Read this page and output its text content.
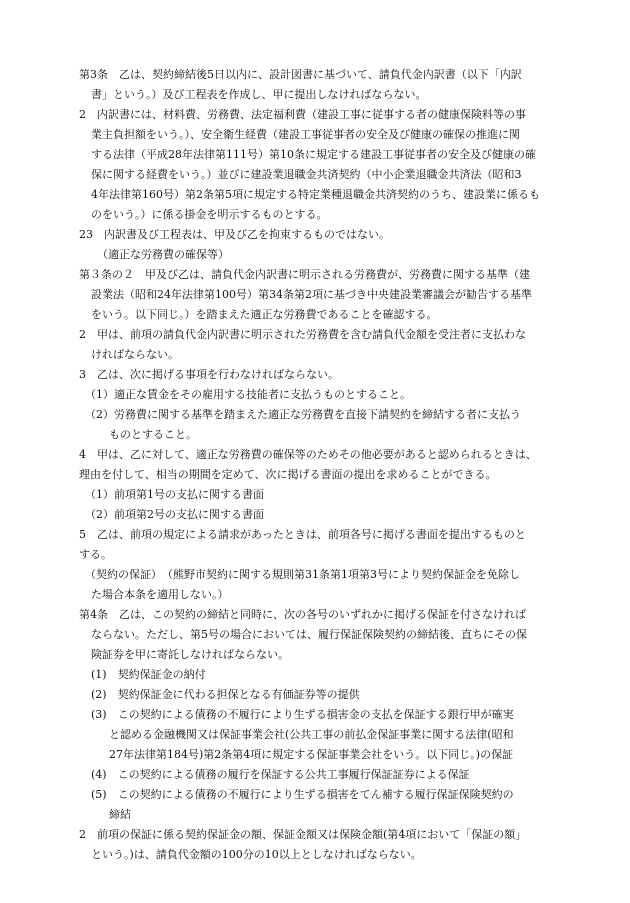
第3条　乙は、契約締結後5日以内に、設計図書に基づいて、請負代金内訳書（以下「内訳
書」という。）及び工程表を作成し、甲に提出しなければならない。
2　内訳書には、材料費、労務費、法定福利費（建設工事に従事する者の健康保険料等の事
業主負担額をいう。）、安全衛生経費（建設工事従事者の安全及び健康の確保の推進に関
する法律（平成28年法律第111号）第10条に規定する建設工事従事者の安全及び健康の確
保に関する経費をいう。）並びに建設業退職金共済契約（中小企業退職金共済法（昭和3
4年法律第160号）第2条第5項に規定する特定業種退職金共済契約のうち、建設業に係るも
のをいう。）に係る掛金を明示するものとする。
23　内訳書及び工程表は、甲及び乙を拘束するものではない。
（適正な労務費の確保等）
第３条の２　甲及び乙は、請負代金内訳書に明示される労務費が、労務費に関する基準（建
設業法（昭和24年法律第100号）第34条第2項に基づき中央建設業審議会が勧告する基準
をいう。以下同じ。）を踏まえた適正な労務費であることを確認する。
2　甲は、前項の請負代金内訳書に明示された労務費を含む請負代金額を受注者に支払わな
ければならない。
3　乙は、次に掲げる事項を行わなければならない。
（1）適正な賃金をその雇用する技能者に支払うものとすること。
（2）労務費に関する基準を踏まえた適正な労務費を直接下請契約を締結する者に支払う
ものとすること。
4　甲は、乙に対して、適正な労務費の確保等のためその他必要があると認められるときは、
理由を付して、相当の期間を定めて、次に掲げる書面の提出を求めることができる。
（1）前項第1号の支払に関する書面
（2）前項第2号の支払に関する書面
5　乙は、前項の規定による請求があったときは、前項各号に掲げる書面を提出するものと
する。
（契約の保証）　（熊野市契約に関する規則第31条第1項第3号により契約保証金を免除し
た場合本条を適用しない。）
第4条　乙は、この契約の締結と同時に、次の各号のいずれかに掲げる保証を付さなければ
ならない。ただし、第5号の場合においては、履行保証保険契約の締結後、直ちにその保
険証券を甲に寄託しなければならない。
(1)　契約保証金の納付
(2)　契約保証金に代わる担保となる有価証券等の提供
(3)　この契約による債務の不履行により生ずる損害金の支払を保証する銀行甲が確実
と認める金融機関又は保証事業会社(公共工事の前払金保証事業に関する法律(昭和
27年法律第184号)第2条第4項に規定する保証事業会社をいう。以下同じ。)の保証
(4)　この契約による債務の履行を保証する公共工事履行保証証券による保証
(5)　この契約による債務の不履行により生ずる損害をてん補する履行保証保険契約の
締結
2　前項の保証に係る契約保証金の額、保証金額又は保険金額(第4項において「保証の額」
という。)は、請負代金額の100分の10以上としなければならない。
